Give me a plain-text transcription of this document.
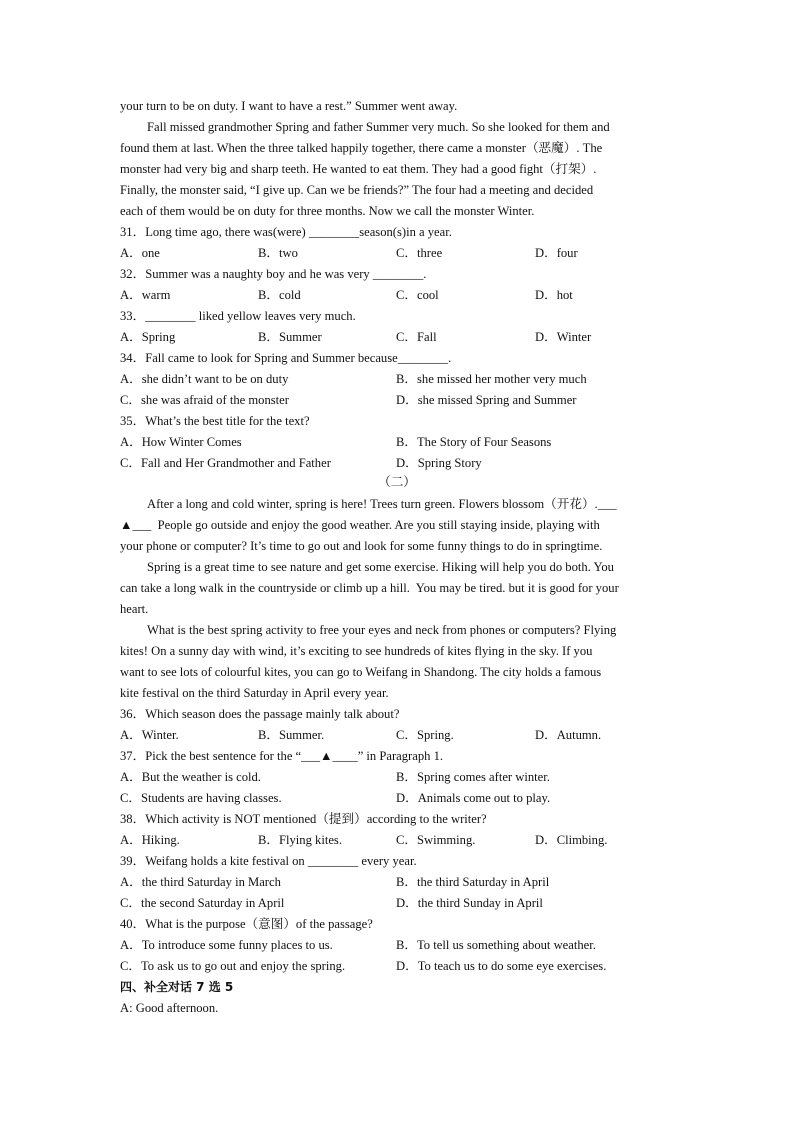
your turn to be on duty. I want to have a rest.” Summer went away.
Fall missed grandmother Spring and father Summer very much. So she looked for them and
found them at last. When the three talked happily together, there came a monster（恶魔）. The
monster had very big and sharp teeth. He wanted to eat them. They had a good fight（打架）.
Finally, the monster said, “I give up. Can we be friends?” The four had a meeting and decided
each of them would be on duty for three months. Now we call the monster Winter.
31．Long time ago, there was(were) ________season(s)in a year.
A．one	B．two	C．three	D．four
32．Summer was a naughty boy and he was very ________.
A．warm	B．cold	C．cool	D．hot
33．________ liked yellow leaves very much.
A．Spring	B．Summer	C．Fall	D．Winter
34．Fall came to look for Spring and Summer because________.
A．she didn’t want to be on duty	B．she missed her mother very much
C．she was afraid of the monster	D．she missed Spring and Summer
35．What’s the best title for the text?
A．How Winter Comes	B．The Story of Four Seasons
C．Fall and Her Grandmother and Father	D．Spring Story
（二）
After a long and cold winter, spring is here! Trees turn green. Flowers blossom（开花）.___
▲___  People go outside and enjoy the good weather. Are you still staying inside, playing with
your phone or computer? It’s time to go out and look for some funny things to do in springtime.
Spring is a great time to see nature and get some exercise. Hiking will help you do both. You
can take a long walk in the countryside or climb up a hill.  You may be tired. but it is good for your
heart.
What is the best spring activity to free your eyes and neck from phones or computers? Flying
kites! On a sunny day with wind, it’s exciting to see hundreds of kites flying in the sky. If you
want to see lots of colourful kites, you can go to Weifang in Shandong. The city holds a famous
kite festival on the third Saturday in April every year.
36．Which season does the passage mainly talk about?
A．Winter.	B．Summer.	C．Spring.	D．Autumn.
37．Pick the best sentence for the “___▲____” in Paragraph 1.
A．But the weather is cold.	B．Spring comes after winter.
C．Students are having classes.	D．Animals come out to play.
38．Which activity is NOT mentioned（提到）according to the writer?
A．Hiking.	B．Flying kites.	C．Swimming.	D．Climbing.
39．Weifang holds a kite festival on ________ every year.
A．the third Saturday in March	B．the third Saturday in April
C．the second Saturday in April	D．the third Sunday in April
40．What is the purpose（意图）of the passage?
A．To introduce some funny places to us.	B．To tell us something about weather.
C．To ask us to go out and enjoy the spring.	D．To teach us to do some eye exercises.
四、补全对话 7 选 5
A: Good afternoon.
